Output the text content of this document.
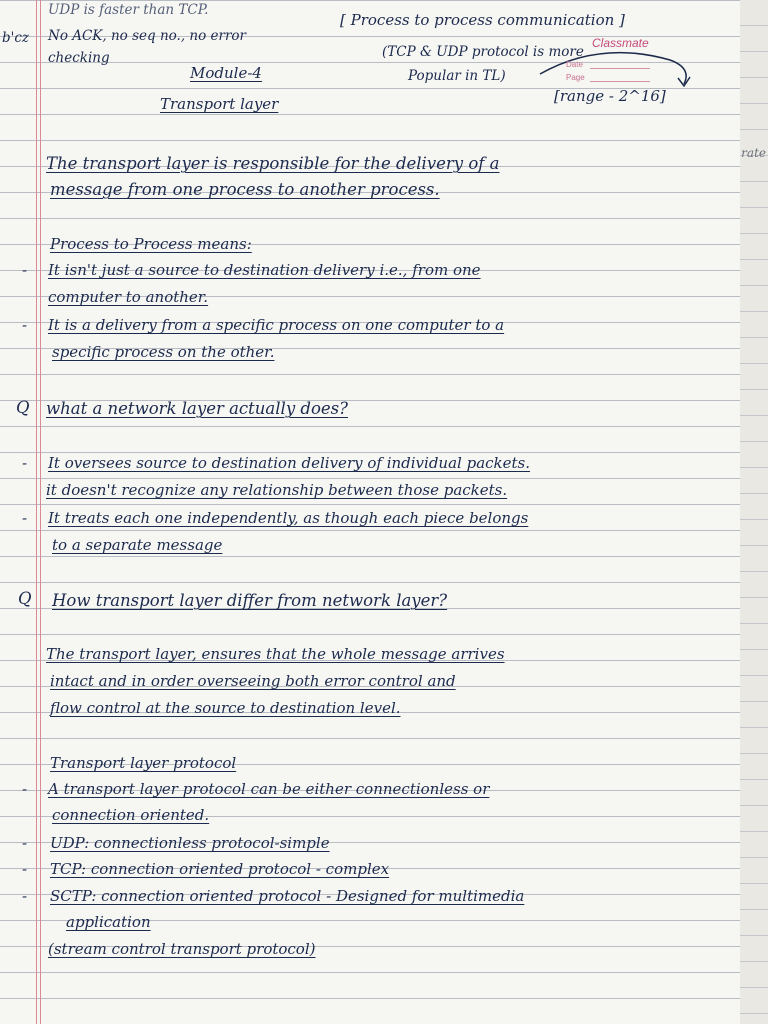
UDP is faster than TCP.
b'cz No ACK, no seq no., no error
checking
[ Process to process communication ]
(TCP & UDP protocol is more
Popular in TL)
Classmate
Date
Page
[range - 2^16]
Module-4
Transport layer
The transport layer is responsible for the delivery of a
message from one process to another process.
Process to Process means:
- It isn't just a source to destination delivery i.e., from one
computer to another.
- It is a delivery from a specific process on one computer to a
specific process on the other.
Q what a network layer actually does?
- It oversees source to destination delivery of individual packets.
it doesn't recognize any relationship between those packets.
- It treats each one independently, as though each piece belongs
to a separate message
Q How transport layer differ from network layer?
The transport layer, ensures that the whole message arrives
intact and in order overseeing both error control and
flow control at the source to destination level.
Transport layer protocol
- A transport layer protocol can be either connectionless or
connection oriented.
- UDP: connectionless protocol-simple
- TCP: connection oriented protocol - complex
- SCTP: connection oriented protocol - Designed for multimedia
application
(stream control transport protocol)
rate
